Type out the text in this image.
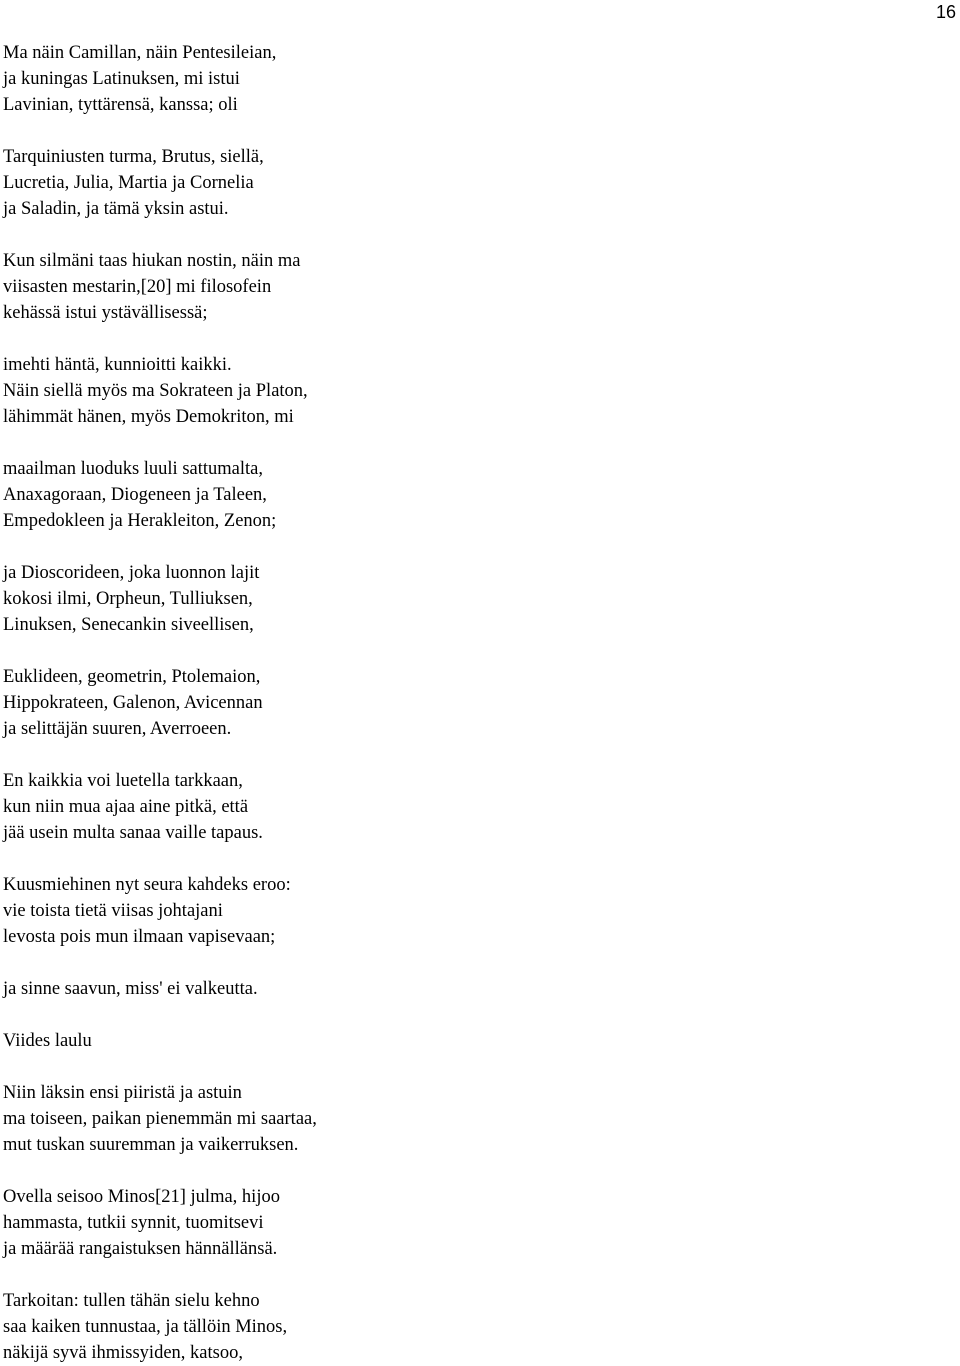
16
Ma näin Camillan, näin Pentesileian,
ja kuningas Latinuksen, mi istui
Lavinian, tyttärensä, kanssa; oli
Tarquiniusten turma, Brutus, siellä,
Lucretia, Julia, Martia ja Cornelia
ja Saladin, ja tämä yksin astui.
Kun silmäni taas hiukan nostin, näin ma
viisasten mestarin,[20] mi filosofein
kehässä istui ystävällisessä;
imehti häntä, kunnioitti kaikki.
Näin siellä myös ma Sokrateen ja Platon,
lähimmät hänen, myös Demokriton, mi
maailman luoduks luuli sattumalta,
Anaxagoraan, Diogeneen ja Taleen,
Empedokleen ja Herakleiton, Zenon;
ja Dioscorideen, joka luonnon lajit
kokosi ilmi, Orpheun, Tulliuksen,
Linuksen, Senecankin siveellisen,
Euklideen, geometrin, Ptolemaion,
Hippokrateen, Galenon, Avicennan
ja selittäjän suuren, Averroeen.
En kaikkia voi luetella tarkkaan,
kun niin mua ajaa aine pitkä, että
jää usein multa sanaa vaille tapaus.
Kuusmiehinen nyt seura kahdeks eroo:
vie toista tietä viisas johtajani
levosta pois mun ilmaan vapisevaan;
ja sinne saavun, miss' ei valkeutta.
Viides laulu
Niin läksin ensi piiristä ja astuin
ma toiseen, paikan pienemmän mi saartaa,
mut tuskan suuremman ja vaikerruksen.
Ovella seisoo Minos[21] julma, hijoo
hammasta, tutkii synnit, tuomitsevi
ja määrää rangaistuksen hännällänsä.
Tarkoitan: tullen tähän sielu kehno
saa kaiken tunnustaa, ja tällöin Minos,
näkijä syvä ihmissyiden, katsoo,
